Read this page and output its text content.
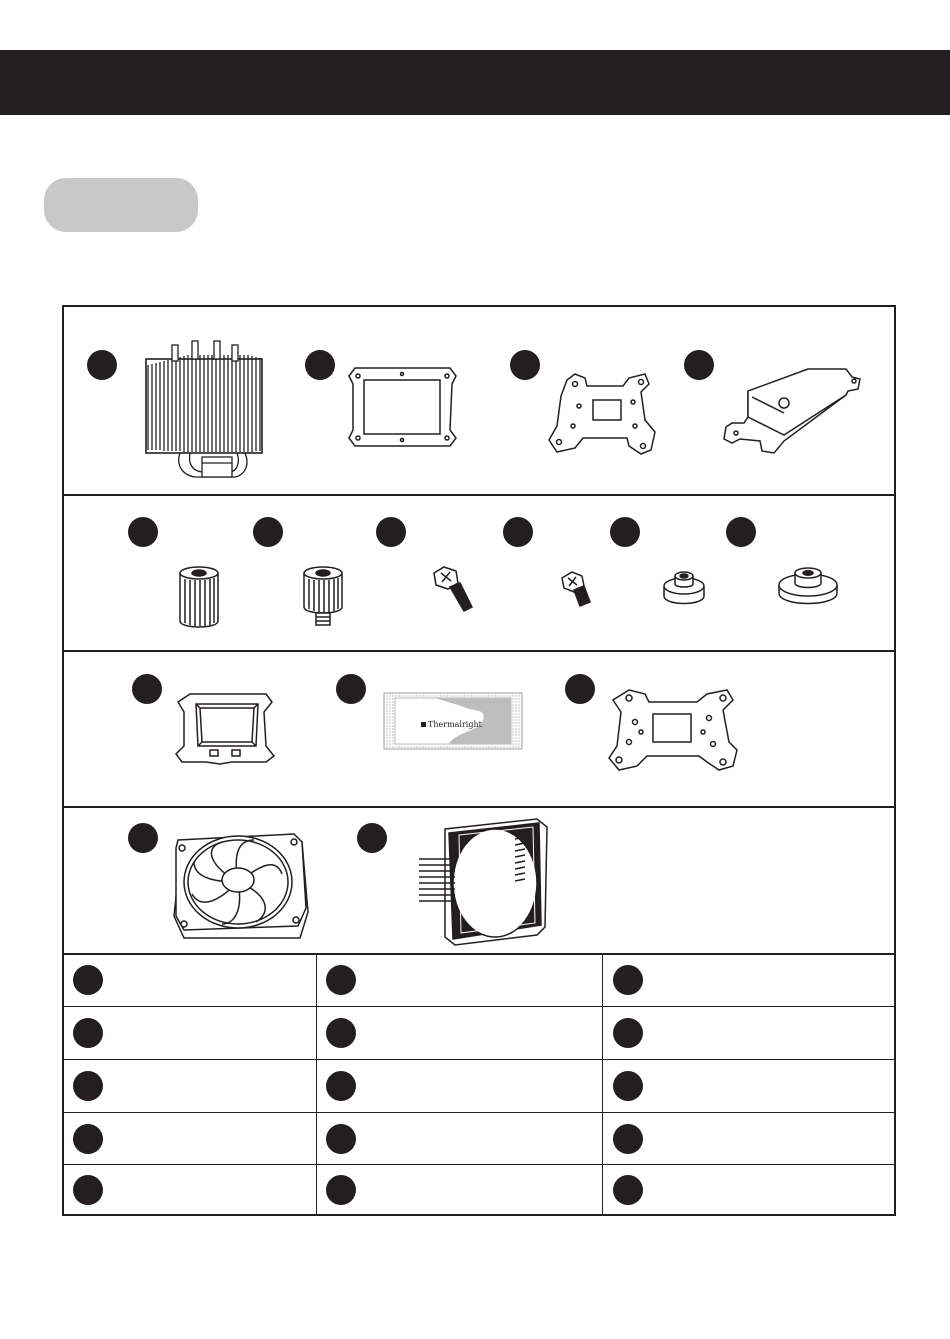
Thermalright
